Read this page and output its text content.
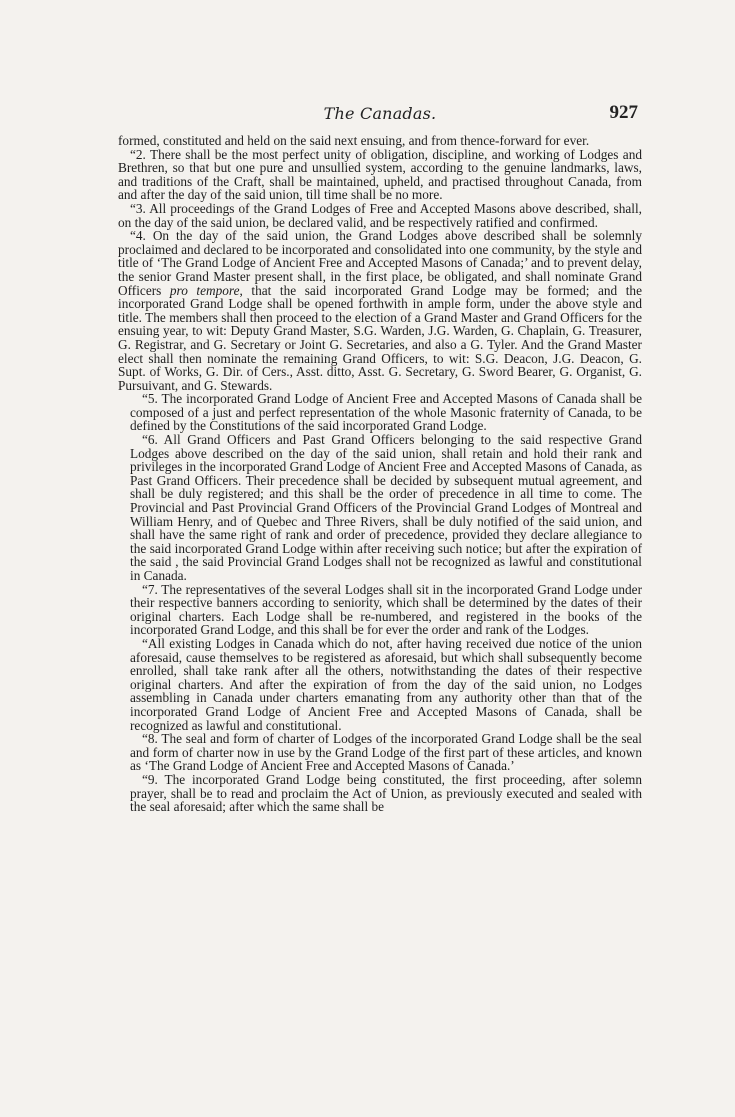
The Canadas.	927

formed, constituted and held on the said next ensuing, and from thence-forward for ever.

“2. There shall be the most perfect unity of obligation, discipline, and working of Lodges and Brethren, so that but one pure and unsullied system, according to the genuine landmarks, laws, and traditions of the Craft, shall be maintained, upheld, and practised throughout Canada, from and after the day of the said union, till time shall be no more.

“3. All proceedings of the Grand Lodges of Free and Accepted Masons above described, shall, on the day of the said union, be declared valid, and be respectively ratified and confirmed.

“4. On the day of the said union, the Grand Lodges above described shall be solemnly proclaimed and declared to be incorporated and consolidated into one community, by the style and title of ‘The Grand Lodge of Ancient Free and Accepted Masons of Canada;’ and to prevent delay, the senior Grand Master present shall, in the first place, be obligated, and shall nominate Grand Officers pro tempore, that the said incorporated Grand Lodge may be formed; and the incorporated Grand Lodge shall be opened forthwith in ample form, under the above style and title. The members shall then proceed to the election of a Grand Master and Grand Officers for the ensuing year, to wit: Deputy Grand Master, S.G. Warden, J.G. Warden, G. Chaplain, G. Treasurer, G. Registrar, and G. Secretary or Joint G. Secretaries, and also a G. Tyler. And the Grand Master elect shall then nominate the remaining Grand Officers, to wit: S.G. Deacon, J.G. Deacon, G. Supt. of Works, G. Dir. of Cers., Asst. ditto, Asst. G. Secretary, G. Sword Bearer, G. Organist, G. Pursuivant, and G. Stewards.

“5. The incorporated Grand Lodge of Ancient Free and Accepted Masons of Canada shall be composed of a just and perfect representation of the whole Masonic fraternity of Canada, to be defined by the Constitutions of the said incorporated Grand Lodge.

“6. All Grand Officers and Past Grand Officers belonging to the said respective Grand Lodges above described on the day of the said union, shall retain and hold their rank and privileges in the incorporated Grand Lodge of Ancient Free and Accepted Masons of Canada, as Past Grand Officers. Their precedence shall be decided by subsequent mutual agreement, and shall be duly registered; and this shall be the order of precedence in all time to come. The Provincial and Past Provincial Grand Officers of the Provincial Grand Lodges of Montreal and William Henry, and of Quebec and Three Rivers, shall be duly notified of the said union, and shall have the same right of rank and order of precedence, provided they declare allegiance to the said incorporated Grand Lodge within after receiving such notice; but after the expiration of the said , the said Provincial Grand Lodges shall not be recognized as lawful and constitutional in Canada.

“7. The representatives of the several Lodges shall sit in the incorporated Grand Lodge under their respective banners according to seniority, which shall be determined by the dates of their original charters. Each Lodge shall be re-numbered, and registered in the books of the incorporated Grand Lodge, and this shall be for ever the order and rank of the Lodges.

“All existing Lodges in Canada which do not, after having received due notice of the union aforesaid, cause themselves to be registered as aforesaid, but which shall subsequently become enrolled, shall take rank after all the others, notwithstanding the dates of their respective original charters. And after the expiration of from the day of the said union, no Lodges assembling in Canada under charters emanating from any authority other than that of the incorporated Grand Lodge of Ancient Free and Accepted Masons of Canada, shall be recognized as lawful and constitutional.

“8. The seal and form of charter of Lodges of the incorporated Grand Lodge shall be the seal and form of charter now in use by the Grand Lodge of the first part of these articles, and known as ‘The Grand Lodge of Ancient Free and Accepted Masons of Canada.’

“9. The incorporated Grand Lodge being constituted, the first proceeding, after solemn prayer, shall be to read and proclaim the Act of Union, as previously executed and sealed with the seal aforesaid; after which the same shall be
